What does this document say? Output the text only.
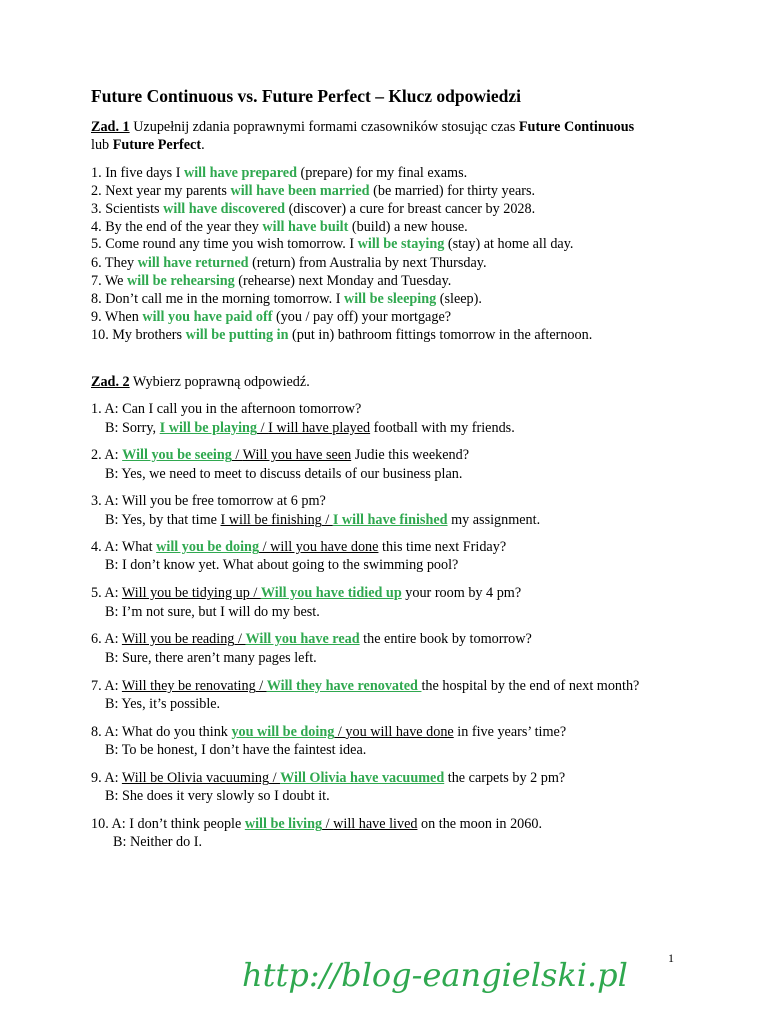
Future Continuous vs. Future Perfect – Klucz odpowiedzi
Zad. 1 Uzupełnij zdania poprawnymi formami czasowników stosując czas Future Continuous
lub Future Perfect.
1. In five days I will have prepared (prepare) for my final exams.
2. Next year my parents will have been married (be married) for thirty years.
3. Scientists will have discovered (discover) a cure for breast cancer by 2028.
4. By the end of the year they will have built (build) a new house.
5. Come round any time you wish tomorrow. I will be staying (stay) at home all day.
6. They will have returned (return) from Australia by next Thursday.
7. We will be rehearsing (rehearse) next Monday and Tuesday.
8. Don’t call me in the morning tomorrow. I will be sleeping (sleep).
9. When will you have paid off (you / pay off) your mortgage?
10. My brothers will be putting in (put in) bathroom fittings tomorrow in the afternoon.
Zad. 2 Wybierz poprawną odpowiedź.
1. A: Can I call you in the afternoon tomorrow?
B: Sorry, I will be playing / I will have played football with my friends.
2. A: Will you be seeing / Will you have seen Judie this weekend?
B: Yes, we need to meet to discuss details of our business plan.
3. A: Will you be free tomorrow at 6 pm?
B: Yes, by that time I will be finishing / I will have finished my assignment.
4. A: What will you be doing / will you have done this time next Friday?
B: I don’t know yet. What about going to the swimming pool?
5. A: Will you be tidying up / Will you have tidied up your room by 4 pm?
B: I’m not sure, but I will do my best.
6. A: Will you be reading / Will you have read the entire book by tomorrow?
B: Sure, there aren’t many pages left.
7. A: Will they be renovating / Will they have renovated the hospital by the end of next month?
B: Yes, it’s possible.
8. A: What do you think you will be doing / you will have done in five years’ time?
B: To be honest, I don’t have the faintest idea.
9. A: Will be Olivia vacuuming / Will Olivia have vacuumed the carpets by 2 pm?
B: She does it very slowly so I doubt it.
10. A: I don’t think people will be living / will have lived on the moon in 2060.
B: Neither do I.
1
http://blog-eangielski.pl
